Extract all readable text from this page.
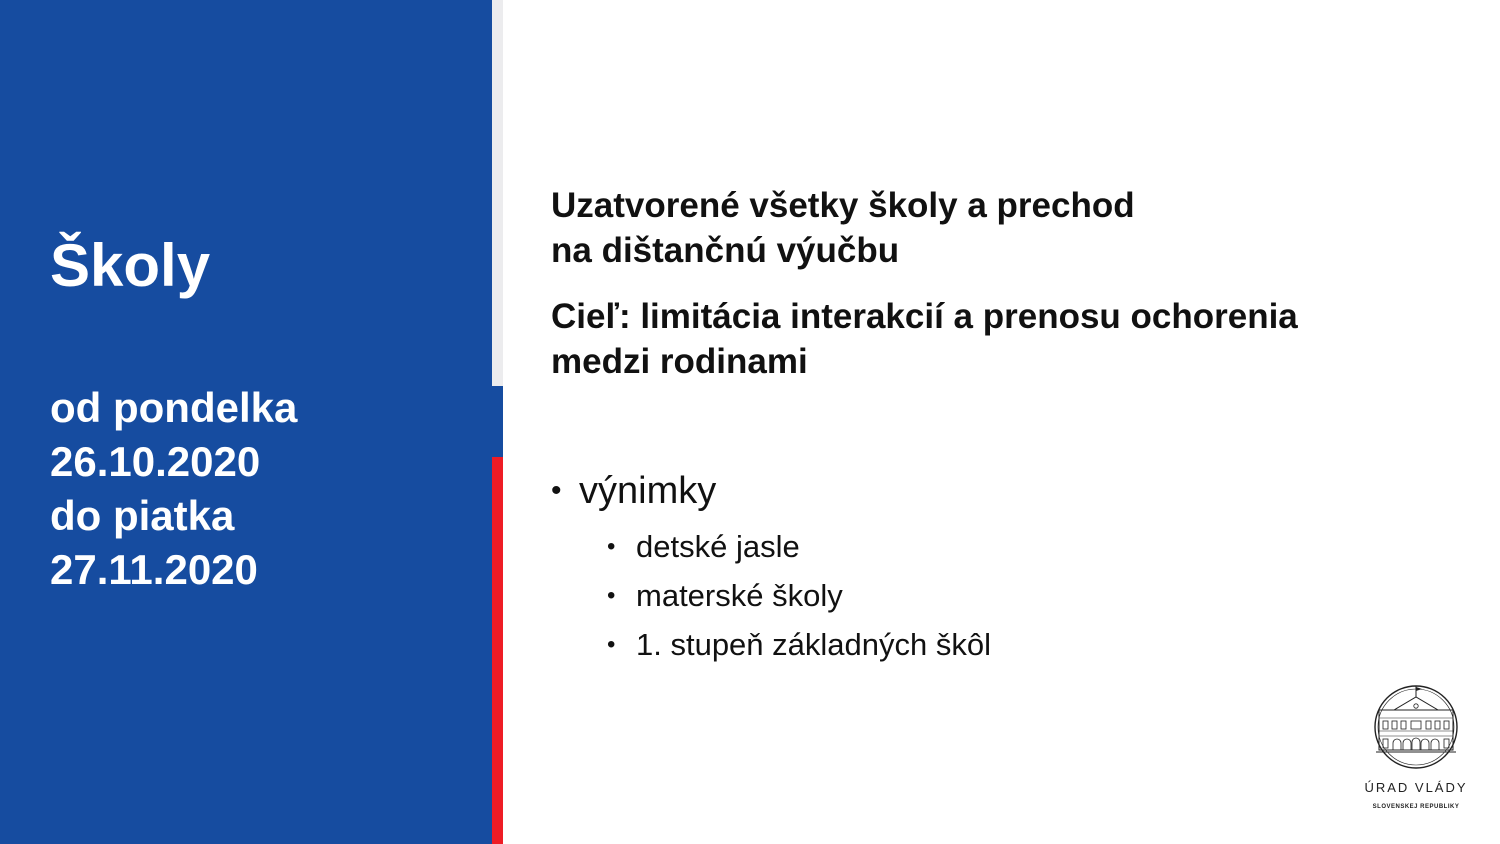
Školy
od pondelka
26.10.2020
do piatka
27.11.2020
Uzatvorené všetky školy a prechod
na dištančnú výučbu
Cieľ: limitácia interakcií a prenosu ochorenia
medzi rodinami
• výnimky
• detské jasle
• materské školy
• 1. stupeň základných škôl
ÚRAD VLÁDY
SLOVENSKEJ REPUBLIKY
